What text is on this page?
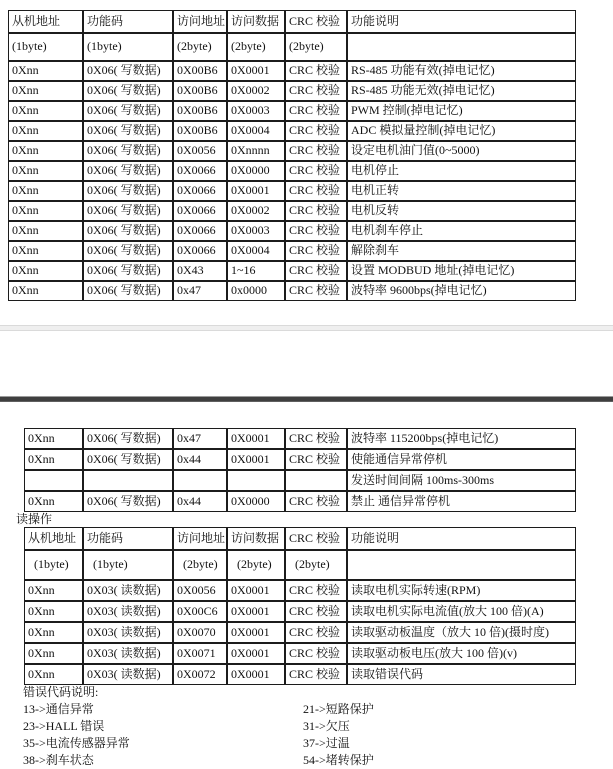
从机地址	功能码	访问地址	访问数据	CRC 校验	功能说明
(1byte)	(1byte)	(2byte)	(2byte)	(2byte)	
0Xnn	0X06( 写数据)	0X00B6	0X0001	CRC 校验	RS-485 功能有效(掉电记忆)
0Xnn	0X06( 写数据)	0X00B6	0X0002	CRC 校验	RS-485 功能无效(掉电记忆)
0Xnn	0X06( 写数据)	0X00B6	0X0003	CRC 校验	PWM 控制(掉电记忆)
0Xnn	0X06( 写数据)	0X00B6	0X0004	CRC 校验	ADC 模拟量控制(掉电记忆)
0Xnn	0X06( 写数据)	0X0056	0Xnnnn	CRC 校验	设定电机油门值(0~5000)
0Xnn	0X06( 写数据)	0X0066	0X0000	CRC 校验	电机停止
0Xnn	0X06( 写数据)	0X0066	0X0001	CRC 校验	电机正转
0Xnn	0X06( 写数据)	0X0066	0X0002	CRC 校验	电机反转
0Xnn	0X06( 写数据)	0X0066	0X0003	CRC 校验	电机刹车停止
0Xnn	0X06( 写数据)	0X0066	0X0004	CRC 校验	解除刹车
0Xnn	0X06( 写数据)	0X43	1~16	CRC 校验	设置 MODBUD 地址(掉电记忆)
0Xnn	0X06( 写数据)	0x47	0x0000	CRC 校验	波特率 9600bps(掉电记忆)
0Xnn	0X06( 写数据)	0x47	0X0001	CRC 校验	波特率 115200bps(掉电记忆)
0Xnn	0X06( 写数据)	0x44	0X0001	CRC 校验	使能通信异常停机
					发送时间间隔 100ms-300ms
0Xnn	0X06( 写数据)	0x44	0X0000	CRC 校验	禁止 通信异常停机
读操作
从机地址	功能码	访问地址	访问数据	CRC 校验	功能说明
(1byte)	(1byte)	(2byte)	(2byte)	(2byte)	
0Xnn	0X03( 读数据)	0X0056	0X0001	CRC 校验	读取电机实际转速(RPM)
0Xnn	0X03( 读数据)	0X00C6	0X0001	CRC 校验	读取电机实际电流值(放大 100 倍)(A)
0Xnn	0X03( 读数据)	0X0070	0X0001	CRC 校验	读取驱动板温度（放大 10 倍)(摄时度)
0Xnn	0X03( 读数据)	0X0071	0X0001	CRC 校验	读取驱动板电压(放大 100 倍)(v)
0Xnn	0X03( 读数据)	0X0072	0X0001	CRC 校验	读取错误代码
错误代码说明:
13->通信异常	21->短路保护
23->HALL 错误	31->欠压
35->电流传感器异常	37->过温
38->刹车状态	54->堵转保护
